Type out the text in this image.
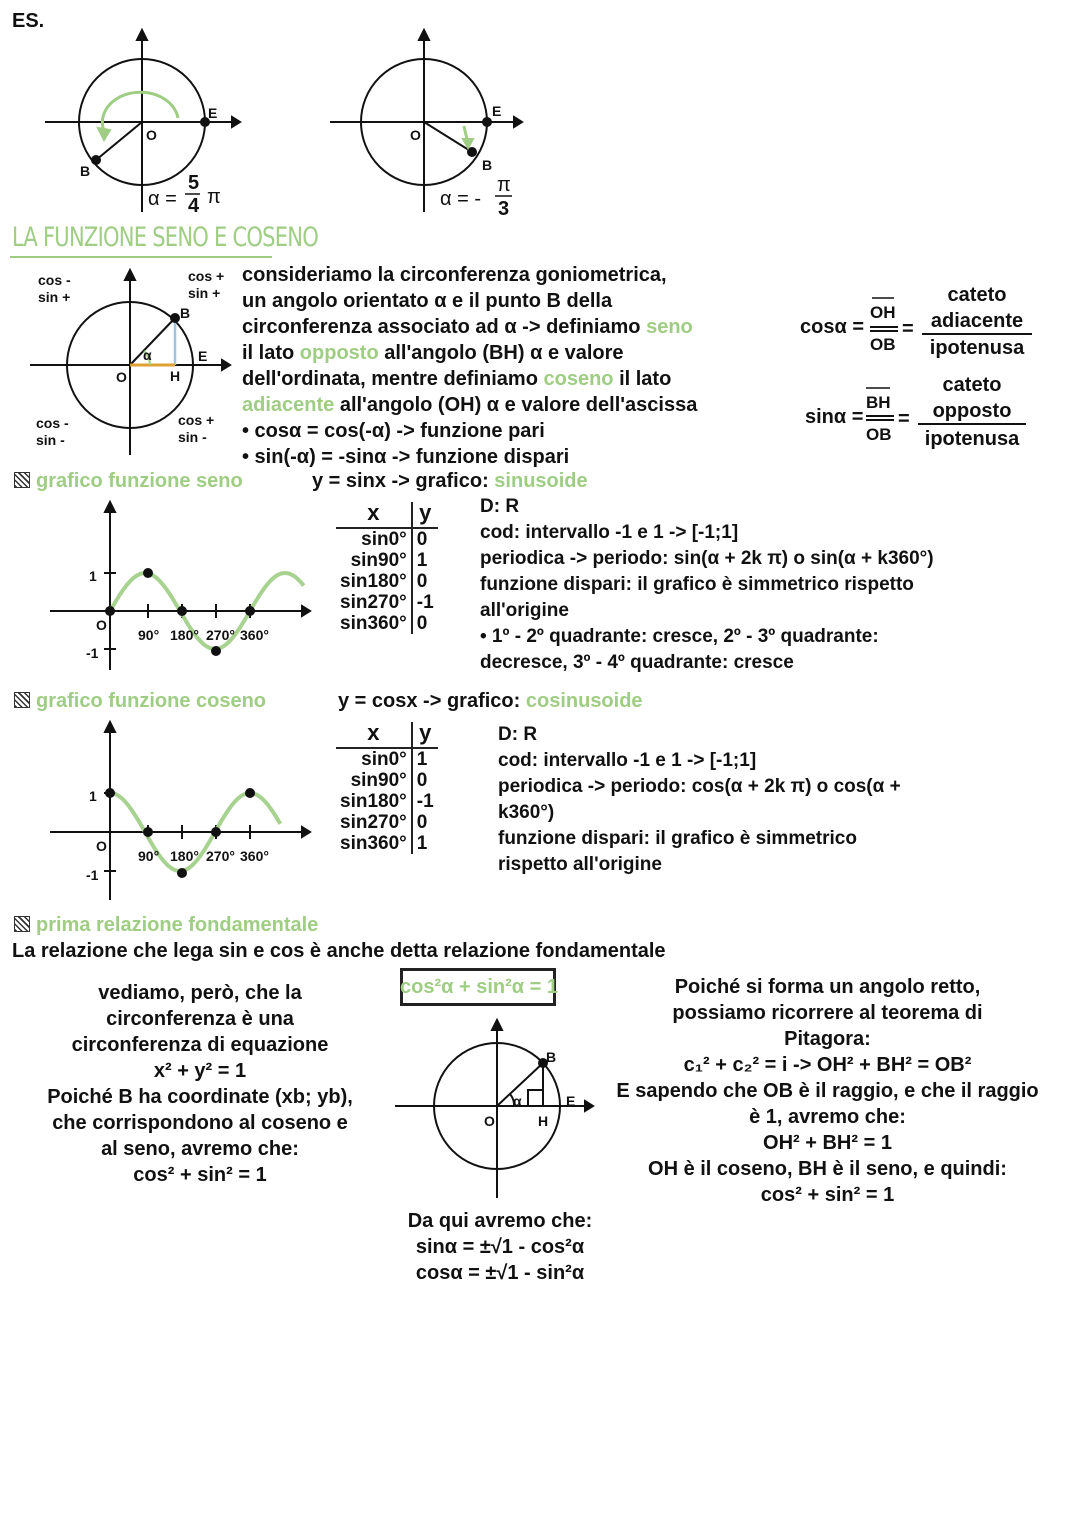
ES.
O
E
B
α =
5
4 π
O
E
B
α = -
π
3
LA FUNZIONE SENO E COSENO
cos -
sin +
cos +
sin +
cos -
sin -
cos +
sin -
B
E
O	H
α
consideriamo la circonferenza goniometrica,
un angolo orientato α e il punto B della
circonferenza associato ad α -> definiamo seno
il lato opposto all'angolo (BH) α e valore
dell'ordinata, mentre definiamo coseno il lato
adiacente all'angolo (OH) α e valore dell'ascissa
• cosα = cos(-α) -> funzione pari
• sin(-α) = -sinα -> funzione dispari
cosα =
OH
OB
=
cateto
adiacente
ipotenusa
sinα =
BH
OB
=
cateto
opposto
ipotenusa
grafico funzione seno	y = sinx -> grafico: sinusoide
1
O
-1
90° 180° 270° 360°
x	y
sin0°	0
sin90°	1
sin180°	0
sin270°	-1
sin360°	0
D: R
cod: intervallo -1 e 1 -> [-1;1]
periodica -> periodo: sin(α + 2k π) o sin(α + k360°)
funzione dispari: il grafico è simmetrico rispetto
all'origine
• 1º - 2º quadrante: cresce, 2º - 3º quadrante:
decresce, 3º - 4º quadrante: cresce
grafico funzione coseno	y = cosx -> grafico: cosinusoide
1
O
-1
90° 180° 270° 360°
x	y
sin0°	1
sin90°	0
sin180°	-1
sin270°	0
sin360°	1
D: R
cod: intervallo -1 e 1 -> [-1;1]
periodica -> periodo: cos(α + 2k π) o cos(α +
k360°)
funzione dispari: il grafico è simmetrico
rispetto all'origine
prima relazione fondamentale
La relazione che lega sin e cos è anche detta relazione fondamentale
cos²α + sin²α = 1
vediamo, però, che la
circonferenza è una
circonferenza di equazione
x² + y² = 1
Poiché B ha coordinate (xb; yb),
che corrispondono al coseno e
al seno, avremo che:
cos² + sin² = 1
Poiché si forma un angolo retto,
possiamo ricorrere al teorema di
Pitagora:
c₁² + c₂² = i -> OH² + BH² = OB²
E sapendo che OB è il raggio, e che il raggio
è 1, avremo che:
OH² + BH² = 1
OH è il coseno, BH è il seno, e quindi:
cos² + sin² = 1
Da qui avremo che:
sinα = ±√1 - cos²α
cosα = ±√1 - sin²α
B
E
O	H
α
